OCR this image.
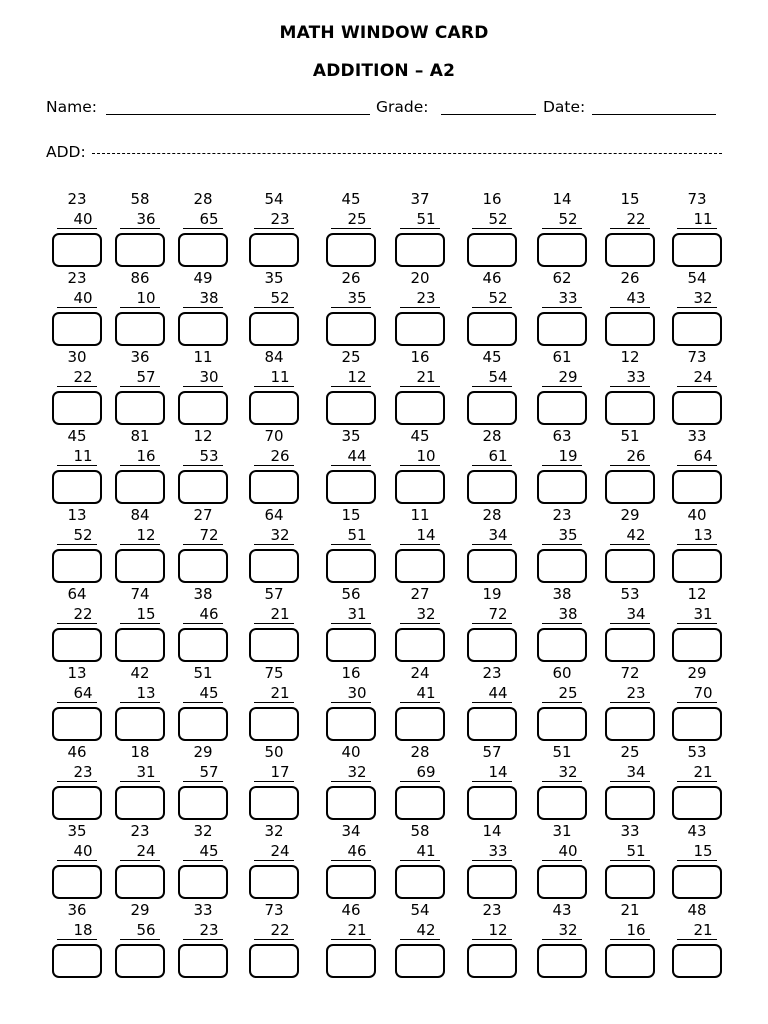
MATH WINDOW CARD
ADDITION – A2
Name:	Grade:	Date:
ADD:
23
40
58
36
28
65
54
23
45
25
37
51
16
52
14
52
15
22
73
11
23
40
86
10
49
38
35
52
26
35
20
23
46
52
62
33
26
43
54
32
30
22
36
57
11
30
84
11
25
12
16
21
45
54
61
29
12
33
73
24
45
11
81
16
12
53
70
26
35
44
45
10
28
61
63
19
51
26
33
64
13
52
84
12
27
72
64
32
15
51
11
14
28
34
23
35
29
42
40
13
64
22
74
15
38
46
57
21
56
31
27
32
19
72
38
38
53
34
12
31
13
64
42
13
51
45
75
21
16
30
24
41
23
44
60
25
72
23
29
70
46
23
18
31
29
57
50
17
40
32
28
69
57
14
51
32
25
34
53
21
35
40
23
24
32
45
32
24
34
46
58
41
14
33
31
40
33
51
43
15
36
18
29
56
33
23
73
22
46
21
54
42
23
12
43
32
21
16
48
21
